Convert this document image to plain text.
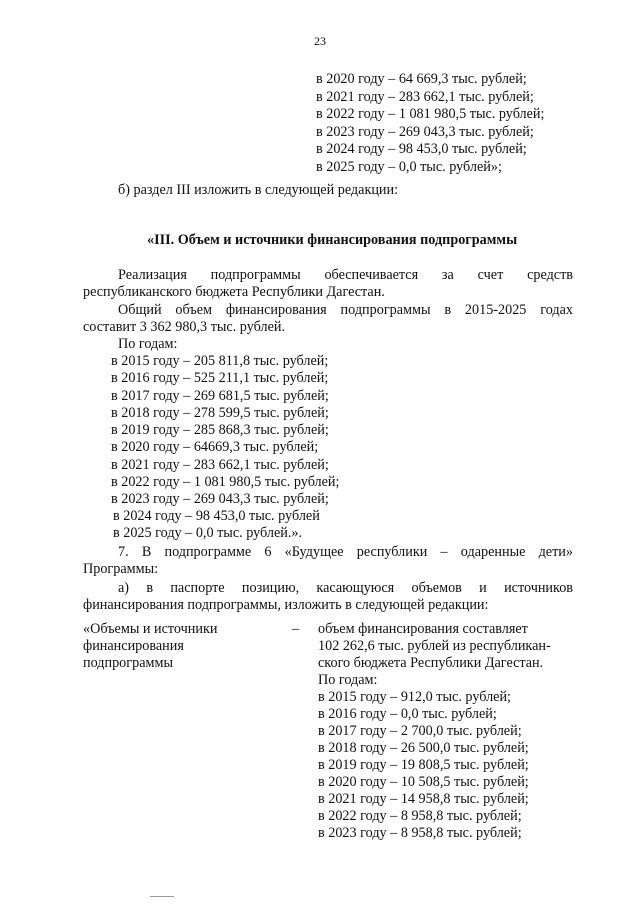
23
в 2020 году – 64 669,3 тыс. рублей;
в 2021 году – 283 662,1 тыс. рублей;
в 2022 году – 1 081 980,5 тыс. рублей;
в 2023 году – 269 043,3 тыс. рублей;
в 2024 году – 98 453,0 тыс. рублей;
в 2025 году – 0,0 тыс. рублей»;
б) раздел III изложить в следующей редакции:
«III. Объем и источники финансирования подпрограммы
Реализация подпрограммы обеспечивается за счет средств
республиканского бюджета Республики Дагестан.
Общий объем финансирования подпрограммы в 2015-2025 годах
составит 3 362 980,3 тыс. рублей.
По годам:
в 2015 году – 205 811,8 тыс. рублей;
в 2016 году – 525 211,1 тыс. рублей;
в 2017 году – 269 681,5 тыс. рублей;
в 2018 году – 278 599,5 тыс. рублей;
в 2019 году – 285 868,3 тыс. рублей;
в 2020 году – 64669,3 тыс. рублей;
в 2021 году – 283 662,1 тыс. рублей;
в 2022 году – 1 081 980,5 тыс. рублей;
в 2023 году – 269 043,3 тыс. рублей;
в 2024 году – 98 453,0 тыс. рублей
в 2025 году – 0,0 тыс. рублей.».
7. В подпрограмме 6 «Будущее республики – одаренные дети»
Программы:
а) в паспорте позицию, касающуюся объемов и источников
финансирования подпрограммы, изложить в следующей редакции:
«Объемы и источники
финансирования
подпрограммы
– объем финансирования составляет
102 262,6 тыс. рублей из республикан-
ского бюджета Республики Дагестан.
По годам:
в 2015 году – 912,0 тыс. рублей;
в 2016 году – 0,0 тыс. рублей;
в 2017 году – 2 700,0 тыс. рублей;
в 2018 году – 26 500,0 тыс. рублей;
в 2019 году – 19 808,5 тыс. рублей;
в 2020 году – 10 508,5 тыс. рублей;
в 2021 году – 14 958,8 тыс. рублей;
в 2022 году – 8 958,8 тыс. рублей;
в 2023 году – 8 958,8 тыс. рублей;
